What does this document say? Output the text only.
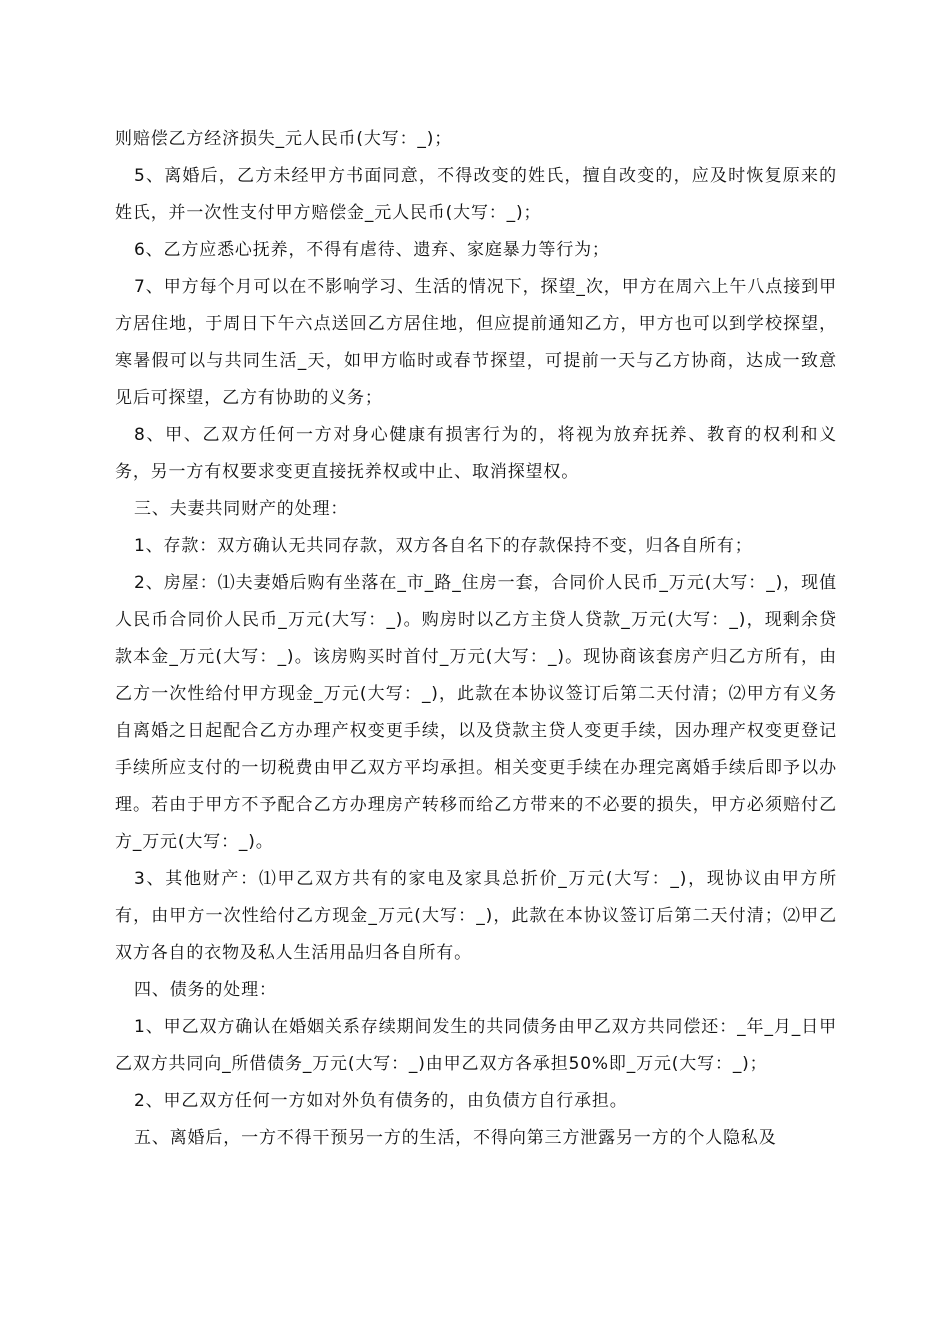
则赔偿乙方经济损失_元人民币(大写：_)；

5、离婚后，乙方未经甲方书面同意，不得改变的姓氏，擅自改变的，应及时恢复原来的姓氏，并一次性支付甲方赔偿金_元人民币(大写：_)；

6、乙方应悉心抚养，不得有虐待、遗弃、家庭暴力等行为；

7、甲方每个月可以在不影响学习、生活的情况下，探望_次，甲方在周六上午八点接到甲方居住地，于周日下午六点送回乙方居住地，但应提前通知乙方，甲方也可以到学校探望，寒暑假可以与共同生活_天，如甲方临时或春节探望，可提前一天与乙方协商，达成一致意见后可探望，乙方有协助的义务；

8、甲、乙双方任何一方对身心健康有损害行为的，将视为放弃抚养、教育的权利和义务，另一方有权要求变更直接抚养权或中止、取消探望权。

三、夫妻共同财产的处理：

1、存款：双方确认无共同存款，双方各自名下的存款保持不变，归各自所有；

2、房屋：⑴夫妻婚后购有坐落在_市_路_住房一套，合同价人民币_万元(大写：_)，现值人民币合同价人民币_万元(大写：_)。购房时以乙方主贷人贷款_万元(大写：_)，现剩余贷款本金_万元(大写：_)。该房购买时首付_万元(大写：_)。现协商该套房产归乙方所有，由乙方一次性给付甲方现金_万元(大写：_)，此款在本协议签订后第二天付清；⑵甲方有义务自离婚之日起配合乙方办理产权变更手续，以及贷款主贷人变更手续，因办理产权变更登记手续所应支付的一切税费由甲乙双方平均承担。相关变更手续在办理完离婚手续后即予以办理。若由于甲方不予配合乙方办理房产转移而给乙方带来的不必要的损失，甲方必须赔付乙方_万元(大写：_)。

3、其他财产：⑴甲乙双方共有的家电及家具总折价_万元(大写：_)，现协议由甲方所有，由甲方一次性给付乙方现金_万元(大写：_)，此款在本协议签订后第二天付清；⑵甲乙双方各自的衣物及私人生活用品归各自所有。

四、债务的处理：

1、甲乙双方确认在婚姻关系存续期间发生的共同债务由甲乙双方共同偿还：_年_月_日甲乙双方共同向_所借债务_万元(大写：_)由甲乙双方各承担50%即_万元(大写：_)；

2、甲乙双方任何一方如对外负有债务的，由负债方自行承担。

五、离婚后，一方不得干预另一方的生活，不得向第三方泄露另一方的个人隐私及
